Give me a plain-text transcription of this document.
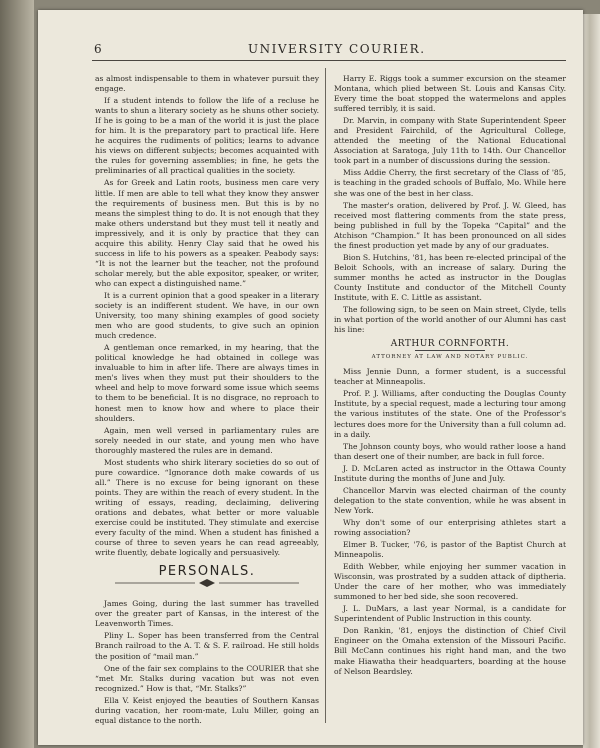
6	UNIVERSITY COURIER.

as almost indispensable to them in whatever pursuit they engage.

If a student intends to follow the life of a recluse he wants to shun a literary society as he shuns other society. If he is going to be a man of the world it is just the place for him. It is the preparatory part to practical life. Here he acquires the rudiments of politics; learns to advance his views on different subjects; becomes acquainted with the rules for governing assemblies; in fine, he gets the preliminaries of all practical qualities in the society.

As for Greek and Latin roots, business men care very little. If men are able to tell what they know they answer the requirements of business men. But this is by no means the simplest thing to do. It is not enough that they make others understand but they must tell it neatly and impressively, and it is only by practice that they can acquire this ability. Henry Clay said that he owed his success in life to his powers as a speaker. Peabody says: “It is not the learner but the teacher, not the profound scholar merely, but the able expositor, speaker, or writer, who can expect a distinguished name.”

It is a current opinion that a good speaker in a literary society is an indifferent student. We have, in our own University, too many shining examples of good society men who are good students, to give such an opinion much credence.

A gentleman once remarked, in my hearing, that the political knowledge he had obtained in college was invaluable to him in after life. There are always times in men's lives when they must put their shoulders to the wheel and help to move forward some issue which seems to them to be beneficial. It is no disgrace, no reproach to honest men to know how and where to place their shoulders.

Again, men well versed in parliamentary rules are sorely needed in our state, and young men who have thoroughly mastered the rules are in demand.

Most students who shirk literary societies do so out of pure cowardice. “Ignorance doth make cowards of us all.” There is no excuse for being ignorant on these points. They are within the reach of every student. In the writing of essays, reading, declaiming, delivering orations and debates, what better or more valuable exercise could be instituted. They stimulate and exercise every faculty of the mind. When a student has finished a course of three to seven years he can read agreeably, write fluently, debate logically and persuasively.

PERSONALS.

James Going, during the last summer has travelled over the greater part of Kansas, in the interest of the Leavenworth Times.

Pliny L. Soper has been transferred from the Central Branch railroad to the A. T. & S. F. railroad. He still holds the position of “mail man.”

One of the fair sex complains to the COURIER that she “met Mr. Stalks during vacation but was not even recognized.” How is that, “Mr. Stalks?”

Ella V. Keist enjoyed the beauties of Southern Kansas during vacation, her room-mate, Lulu Miller, going an equal distance to the north.

Harry E. Riggs took a summer excursion on the steamer Montana, which plied between St. Louis and Kansas City. Every time the boat stopped the watermelons and apples suffered terribly, it is said.

Dr. Marvin, in company with State Superintendent Speer and President Fairchild, of the Agricultural College, attended the meeting of the National Educational Association at Saratoga, July 11th to 14th. Our Chancellor took part in a number of discussions during the session.

Miss Addie Cherry, the first secretary of the Class of '85, is teaching in the graded schools of Buffalo, Mo. While here she was one of the best in her class.

The master's oration, delivered by Prof. J. W. Gleed, has received most flattering comments from the state press, being published in full by the Topeka “Capital” and the Atchison “Champion.” It has been pronounced on all sides the finest production yet made by any of our graduates.

Bion S. Hutchins, '81, has been re-elected principal of the Beloit Schools, with an increase of salary. During the summer months he acted as instructor in the Douglas County Institute and conductor of the Mitchell County Institute, with E. C. Little as assistant.

The following sign, to be seen on Main street, Clyde, tells in what portion of the world another of our Alumni has cast his line:

ARTHUR CORNFORTH.
ATTORNEY AT LAW AND NOTARY PUBLIC.

Miss Jennie Dunn, a former student, is a successful teacher at Minneapolis.

Prof. P. J. Williams, after conducting the Douglas County Institute, by a special request, made a lecturing tour among the various institutes of the state. One of the Professor's lectures does more for the University than a full column ad. in a daily.

The Johnson county boys, who would rather loose a hand than desert one of their number, are back in full force.

J. D. McLaren acted as instructor in the Ottawa County Institute during the months of June and July.

Chancellor Marvin was elected chairman of the county delegation to the state convention, while he was absent in New York.

Why don't some of our enterprising athletes start a rowing association?

Elmer B. Tucker, '76, is pastor of the Baptist Church at Minneapolis.

Edith Webber, while enjoying her summer vacation in Wisconsin, was prostrated by a sudden attack of diptheria. Under the care of her mother, who was immediately summoned to her bed side, she soon recovered.

J. L. DuMars, a last year Normal, is a candidate for Superintendent of Public Instruction in this county.

Don Rankin, '81, enjoys the distinction of Chief Civil Engineer on the Omaha extension of the Missouri Pacific. Bill McCann continues his right hand man, and the two make Hiawatha their headquarters, boarding at the house of Nelson Beardsley.
